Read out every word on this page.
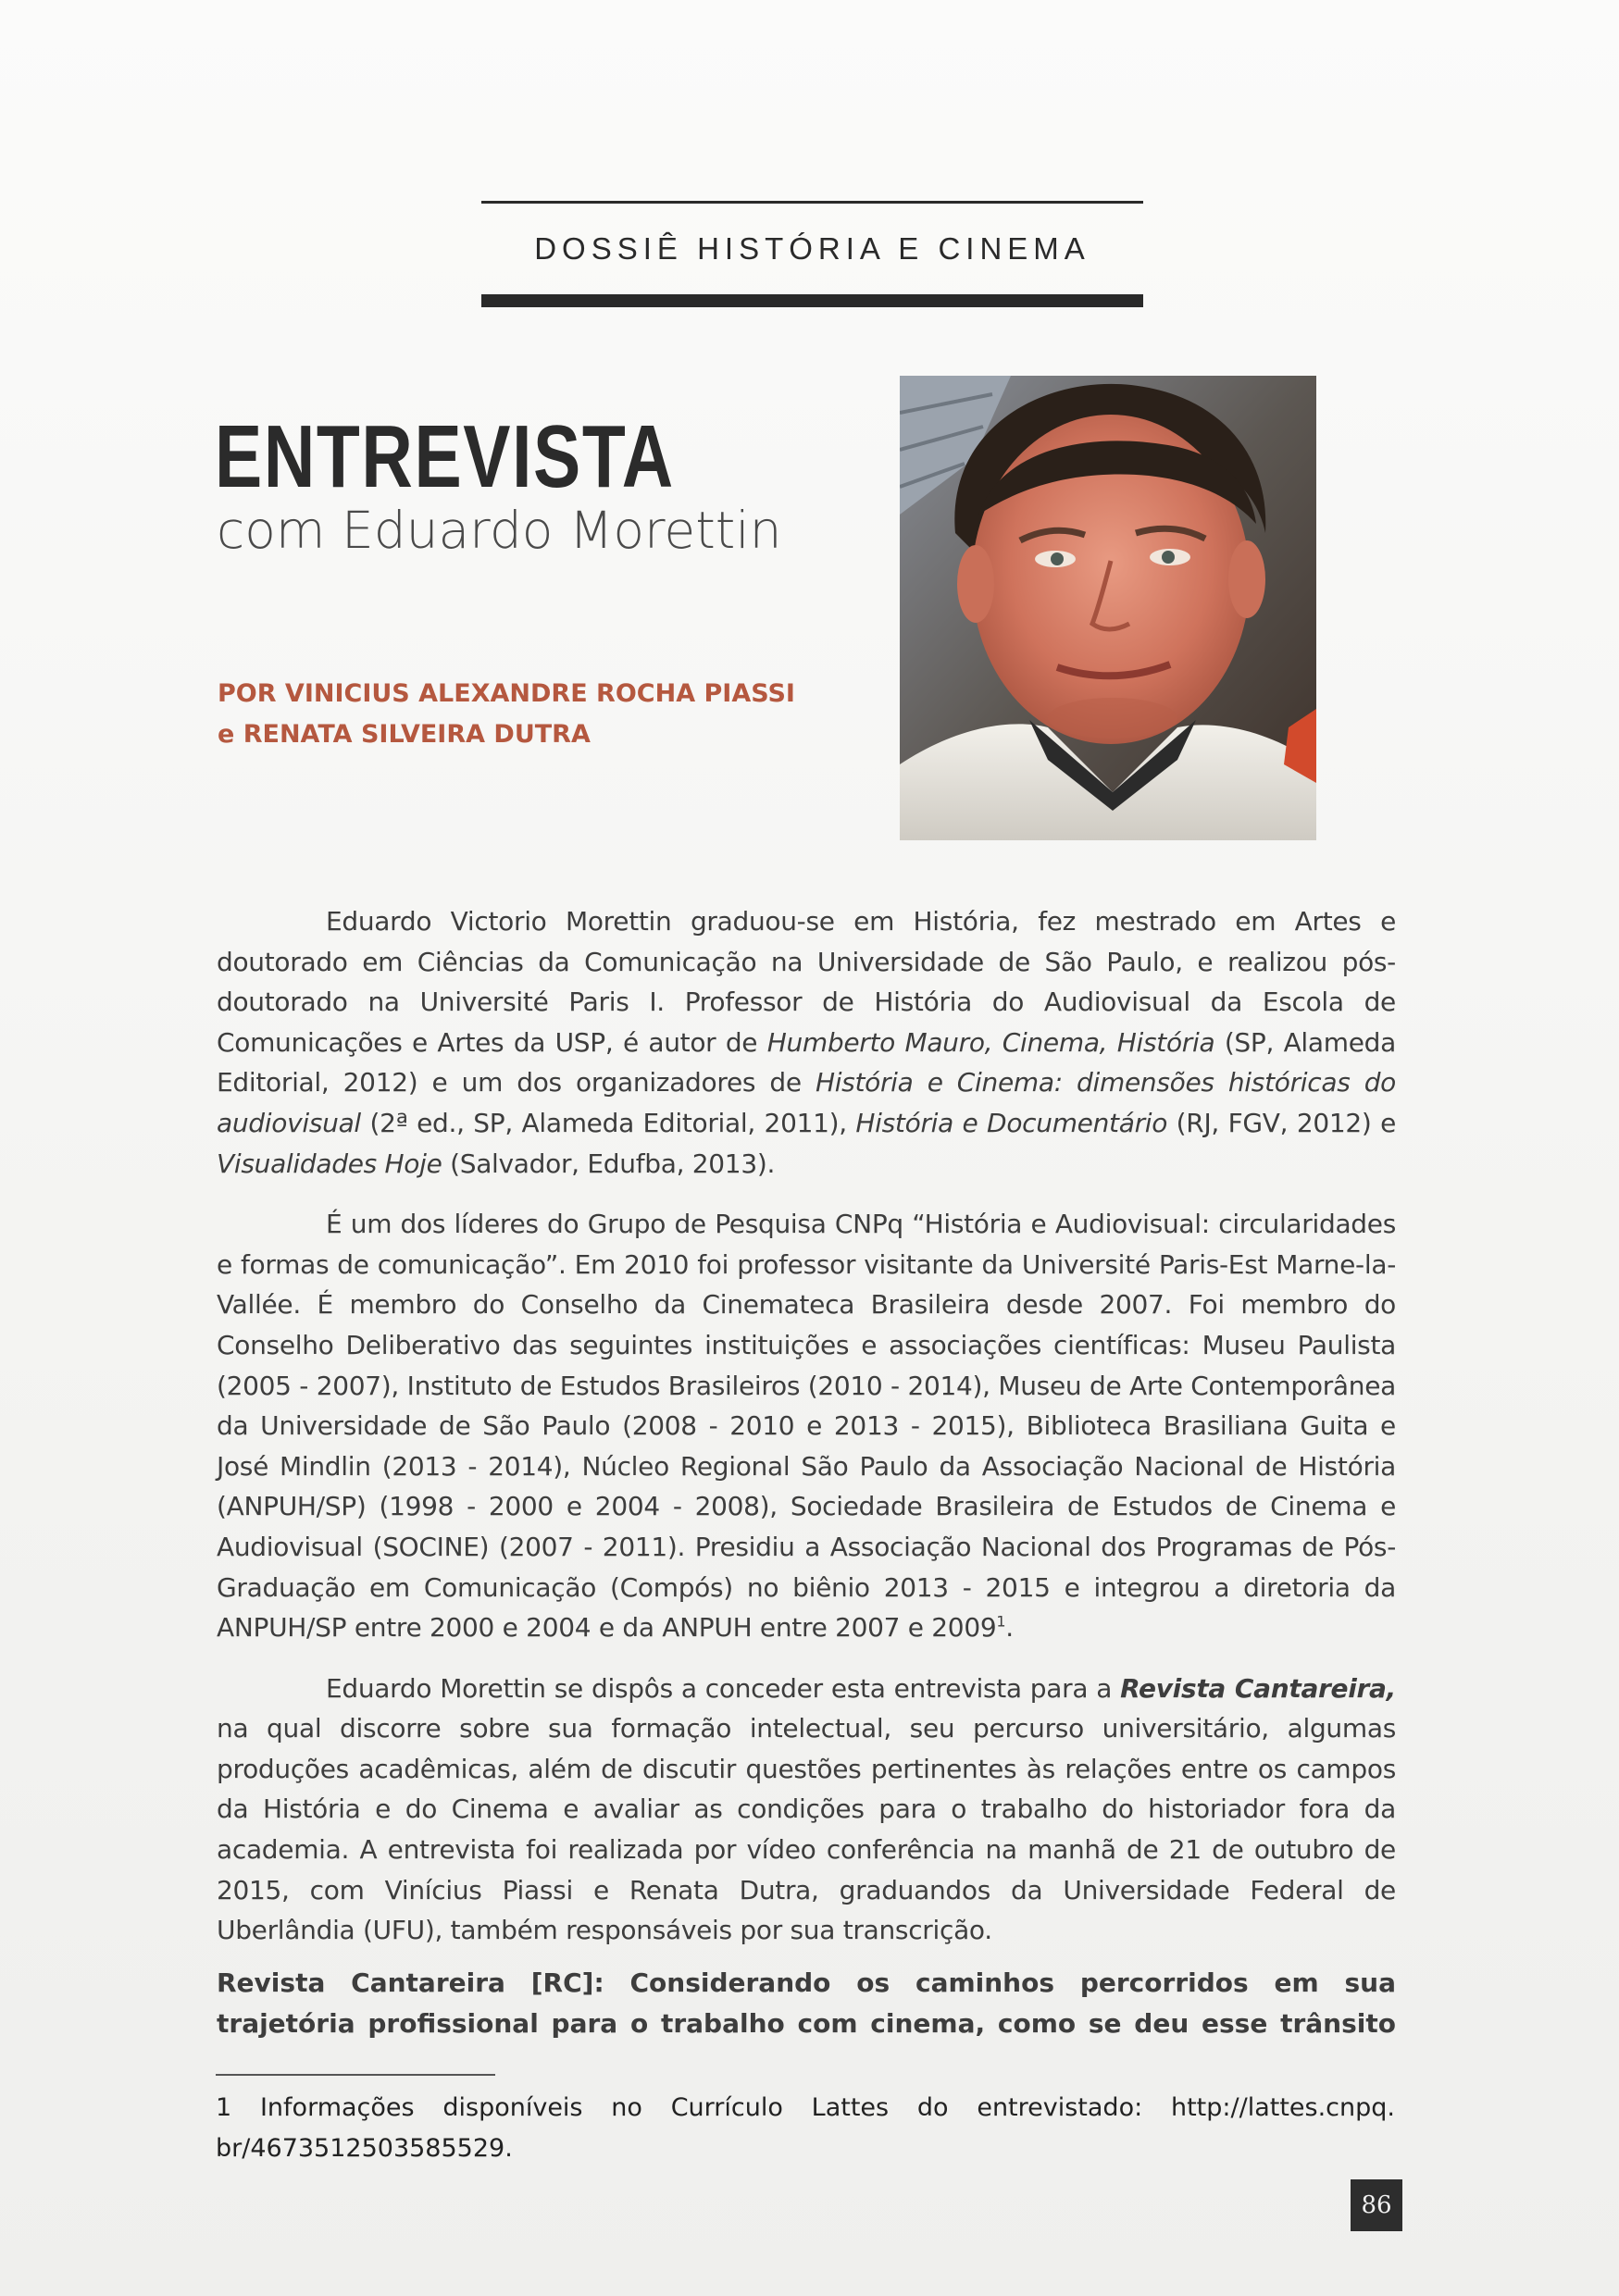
DOSSIÊ HISTÓRIA E CINEMA
ENTREVISTA
com Eduardo Morettin
POR VINICIUS ALEXANDRE ROCHA PIASSI
e RENATA SILVEIRA DUTRA

Eduardo Victorio Morettin graduou-se em História, fez mestrado em Artes e doutorado em Ciências da Comunicação na Universidade de São Paulo, e realizou pós-doutorado na Université Paris I. Professor de História do Audiovisual da Escola de Comunicações e Artes da USP, é autor de Humberto Mauro, Cinema, História (SP, Alameda Editorial, 2012) e um dos organizadores de História e Cinema: dimensões históricas do audiovisual (2ª ed., SP, Alameda Editorial, 2011), História e Documentário (RJ, FGV, 2012) e Visualidades Hoje (Salvador, Edufba, 2013).

É um dos líderes do Grupo de Pesquisa CNPq “História e Audiovisual: circularidades e formas de comunicação”. Em 2010 foi professor visitante da Université Paris-Est Marne-la-Vallée. É membro do Conselho da Cinemateca Brasileira desde 2007. Foi membro do Conselho Deliberativo das seguintes instituições e associações científicas: Museu Paulista (2005 - 2007), Instituto de Estudos Brasileiros (2010 - 2014), Museu de Arte Contemporânea da Universidade de São Paulo (2008 - 2010 e 2013 - 2015), Biblioteca Brasiliana Guita e José Mindlin (2013 - 2014), Núcleo Regional São Paulo da Associação Nacional de História (ANPUH/SP) (1998 - 2000 e 2004 - 2008), Sociedade Brasileira de Estudos de Cinema e Audiovisual (SOCINE) (2007 - 2011). Presidiu a Associação Nacional dos Programas de Pós-Graduação em Comunicação (Compós) no biênio 2013 - 2015 e integrou a diretoria da ANPUH/SP entre 2000 e 2004 e da ANPUH entre 2007 e 2009$^1$.

Eduardo Morettin se dispôs a conceder esta entrevista para a Revista Cantareira, na qual discorre sobre sua formação intelectual, seu percurso universitário, algumas produções acadêmicas, além de discutir questões pertinentes às relações entre os campos da História e do Cinema e avaliar as condições para o trabalho do historiador fora da academia. A entrevista foi realizada por vídeo conferência na manhã de 21 de outubro de 2015, com Vinícius Piassi e Renata Dutra, graduandos da Universidade Federal de Uberlândia (UFU), também responsáveis por sua transcrição.

Revista Cantareira [RC]: Considerando os caminhos percorridos em sua trajetória profissional para o trabalho com cinema, como se deu esse trânsito
1 Informações disponíveis no Currículo Lattes do entrevistado: http://lattes.cnpq.
br/4673512503585529.
86
